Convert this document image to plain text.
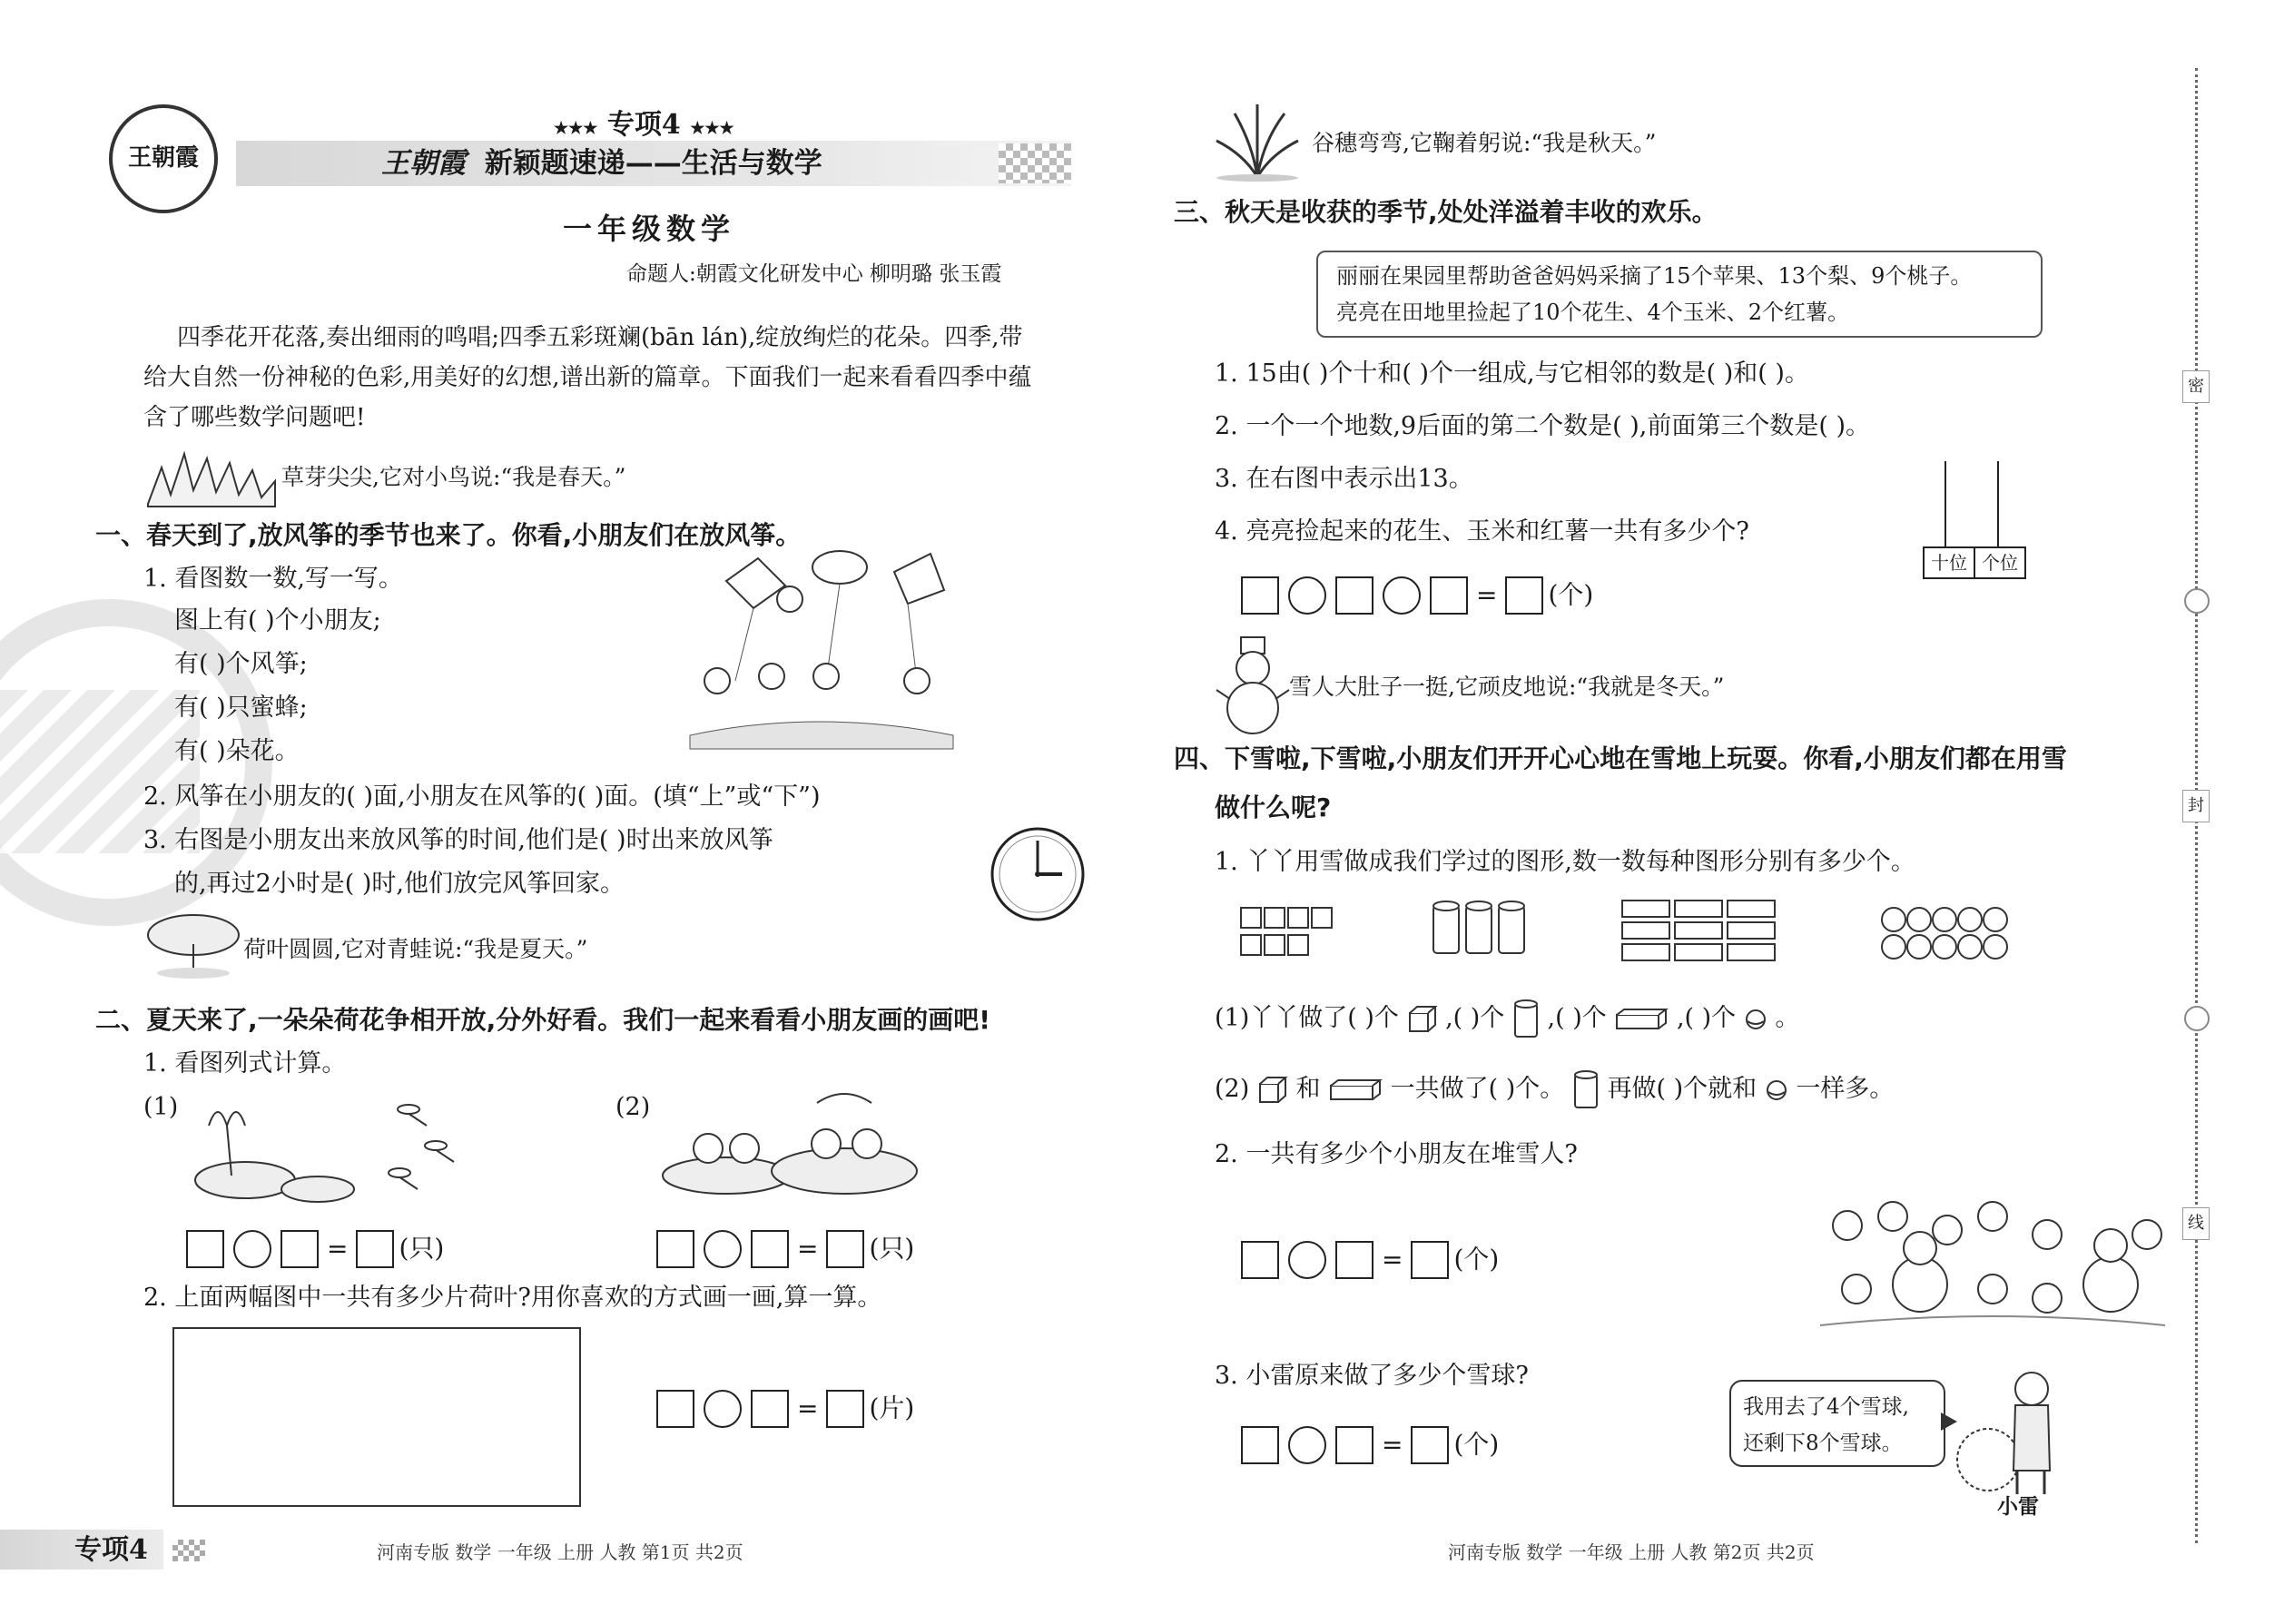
王朝霞
★★★ 专项4 ★★★
王朝霞 新颖题速递——生活与数学
一年级数学
命题人:朝霞文化研发中心 柳明璐 张玉霞
四季花开花落,奏出细雨的鸣唱;四季五彩斑斓(bān lán),绽放绚烂的花朵。四季,带
给大自然一份神秘的色彩,用美好的幻想,谱出新的篇章。下面我们一起来看看四季中蕴
含了哪些数学问题吧!
草芽尖尖,它对小鸟说:“我是春天。”
一、春天到了,放风筝的季节也来了。你看,小朋友们在放风筝。
1. 看图数一数,写一写。
图上有( )个小朋友;
有( )个风筝;
有( )只蜜蜂;
有( )朵花。
2. 风筝在小朋友的( )面,小朋友在风筝的( )面。(填“上”或“下”)
3. 右图是小朋友出来放风筝的时间,他们是( )时出来放风筝
的,再过2小时是( )时,他们放完风筝回家。
荷叶圆圆,它对青蛙说:“我是夏天。”
二、夏天来了,一朵朵荷花争相开放,分外好看。我们一起来看看小朋友画的画吧!
1. 看图列式计算。
(1)	(2)
= (只)	= (只)
2. 上面两幅图中一共有多少片荷叶?用你喜欢的方式画一画,算一算。
= (片)
专项4	河南专版 数学 一年级 上册 人教 第1页 共2页
谷穗弯弯,它鞠着躬说:“我是秋天。”
三、秋天是收获的季节,处处洋溢着丰收的欢乐。
丽丽在果园里帮助爸爸妈妈采摘了15个苹果、13个梨、9个桃子。
亮亮在田地里捡起了10个花生、4个玉米、2个红薯。
1. 15由( )个十和( )个一组成,与它相邻的数是( )和( )。
2. 一个一个地数,9后面的第二个数是( ),前面第三个数是( )。
3. 在右图中表示出13。
4. 亮亮捡起来的花生、玉米和红薯一共有多少个?
十位 个位
= (个)
雪人大肚子一挺,它顽皮地说:“我就是冬天。”
四、下雪啦,下雪啦,小朋友们开开心心地在雪地上玩耍。你看,小朋友们都在用雪
做什么呢?
1. 丫丫用雪做成我们学过的图形,数一数每种图形分别有多少个。
(1)丫丫做了( )个 ,( )个 ,( )个	,( )个 。
(2) 和	一共做了( )个。 再做( )个就和 一样多。
2. 一共有多少个小朋友在堆雪人?
= (个)
3. 小雷原来做了多少个雪球?
= (个)
我用去了4个雪球,
还剩下8个雪球。
小雷
河南专版 数学 一年级 上册 人教 第2页 共2页
密
封
线
